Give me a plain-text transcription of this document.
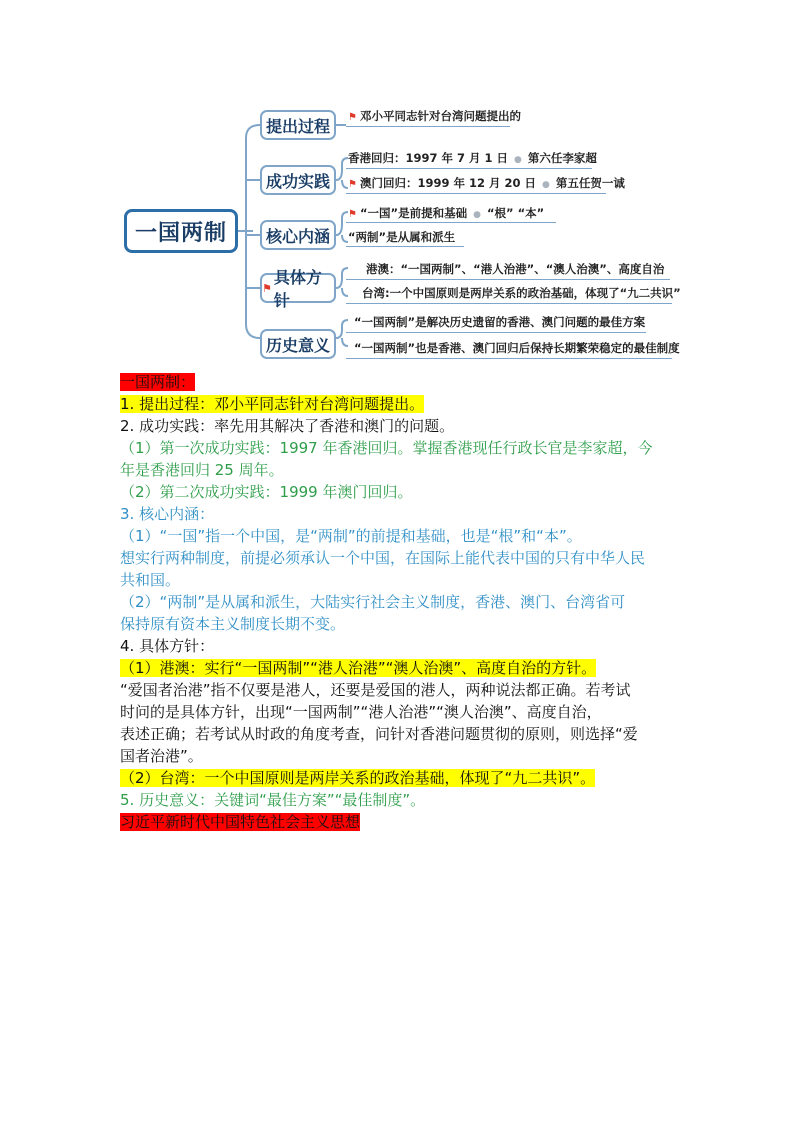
一国两制
提出过程
成功实践
核心内涵
⚑
具体方针
历史意义
⚑ 邓小平同志针对台湾问题提出的
香港回归：1997 年 7 月 1 日 ● 第六任李家超
⚑ 澳门回归：1999 年 12 月 20 日 ● 第五任贺一诚
⚑ “一国”是前提和基础 ● “根” “本”
“两制”是从属和派生
港澳：“一国两制”、“港人治港”、“澳人治澳”、高度自治
台湾:一个中国原则是两岸关系的政治基础，体现了“九二共识”
“一国两制”是解决历史遗留的香港、澳门问题的最佳方案
“一国两制”也是香港、澳门回归后保持长期繁荣稳定的最佳制度
一国两制：
1. 提出过程：邓小平同志针对台湾问题提出。
2. 成功实践：率先用其解决了香港和澳门的问题。
（1）第一次成功实践：1997 年香港回归。掌握香港现任行政长官是李家超，今
年是香港回归 25 周年。
（2）第二次成功实践：1999 年澳门回归。
3. 核心内涵：
（1）“一国”指一个中国，是“两制”的前提和基础，也是“根”和“本”。
想实行两种制度，前提必须承认一个中国，在国际上能代表中国的只有中华人民
共和国。
（2）“两制”是从属和派生，大陆实行社会主义制度，香港、澳门、台湾省可
保持原有资本主义制度长期不变。
4. 具体方针：
（1）港澳：实行“一国两制”“港人治港”“澳人治澳”、高度自治的方针。
“爱国者治港”指不仅要是港人，还要是爱国的港人，两种说法都正确。若考试
时问的是具体方针，出现“一国两制”“港人治港”“澳人治澳”、高度自治，
表述正确；若考试从时政的角度考查，问针对香港问题贯彻的原则，则选择“爱
国者治港”。
（2）台湾：一个中国原则是两岸关系的政治基础，体现了“九二共识”。
5. 历史意义：关键词“最佳方案”“最佳制度”。
习近平新时代中国特色社会主义思想
